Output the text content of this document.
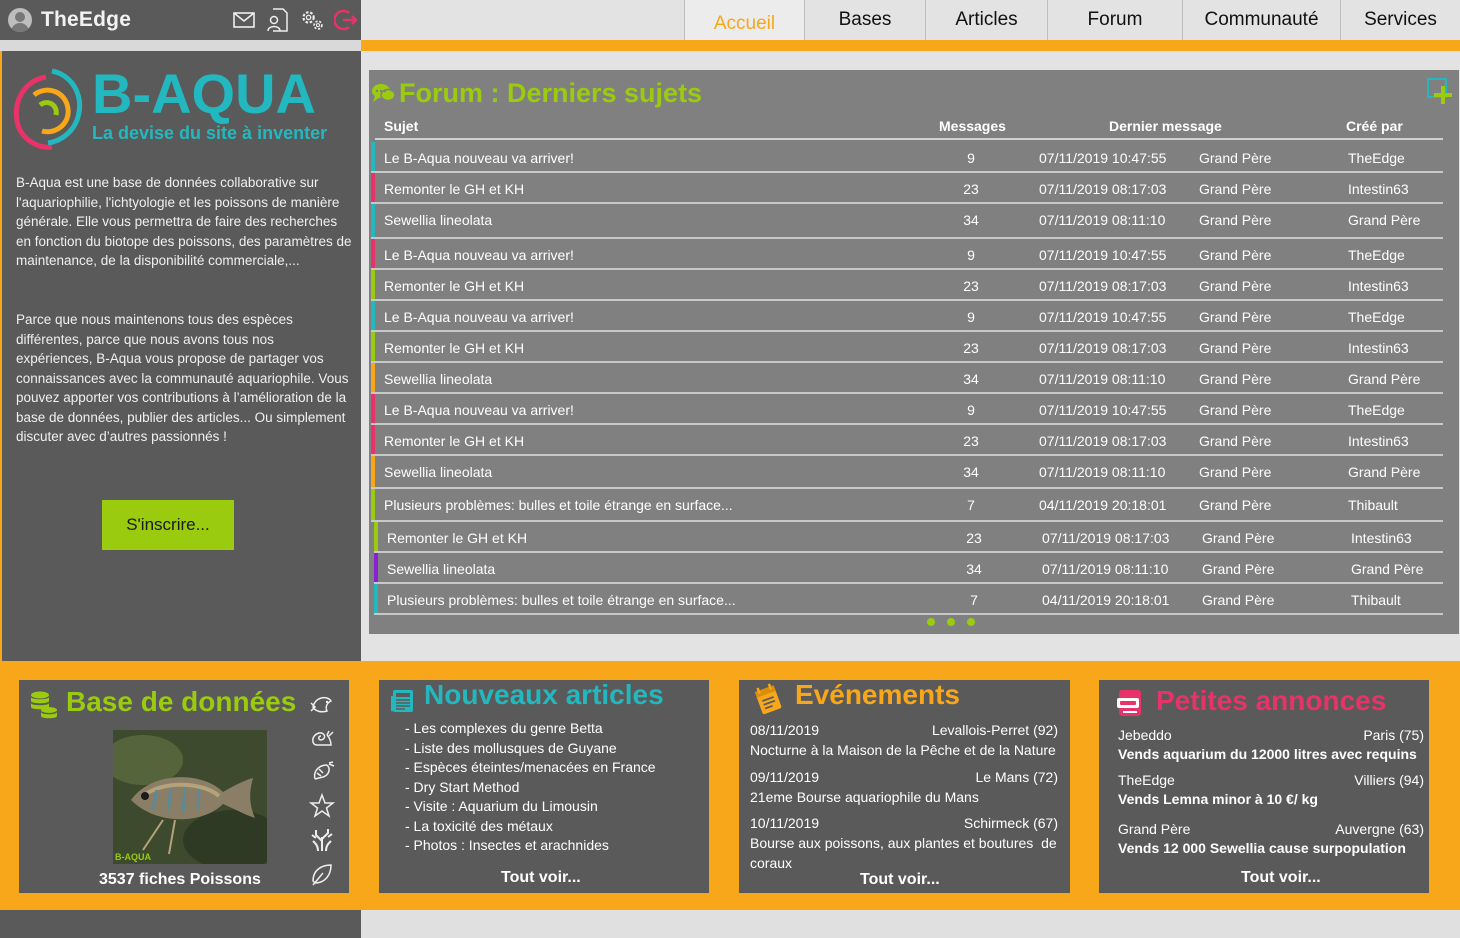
TheEdge	Accueil	Bases	Articles	Forum	Communauté	Services
B-AQUA
La devise du site à inventer

B-Aqua est une base de données collaborative sur l'aquariophilie, l'ichtyologie et les poissons de manière générale. Elle vous permettra de faire des recherches en fonction du biotope des poissons, des paramètres de maintenance, de la disponibilité commerciale,...

Parce que nous maintenons tous des espèces différentes, parce que nous avons tous nos expériences, B-Aqua vous propose de partager vos connaissances avec la communauté aquariophile. Vous pouvez apporter vos contributions à l’amélioration de la base de données, publier des articles... Ou simplement discuter avec d’autres passionnés !

S'inscrire...
Forum : Derniers sujets
Sujet	Messages	Dernier message	Créé par
Le B-Aqua nouveau va arriver!	9	07/11/2019 10:47:55 Grand Père	TheEdge
Remonter le GH et KH	23	07/11/2019 08:17:03 Grand Père	Intestin63
Sewellia lineolata	34	07/11/2019 08:11:10 Grand Père	Grand Père
Le B-Aqua nouveau va arriver!	9	07/11/2019 10:47:55 Grand Père	TheEdge
Remonter le GH et KH	23	07/11/2019 08:17:03 Grand Père	Intestin63
Le B-Aqua nouveau va arriver!	9	07/11/2019 10:47:55 Grand Père	TheEdge
Remonter le GH et KH	23	07/11/2019 08:17:03 Grand Père	Intestin63
Sewellia lineolata	34	07/11/2019 08:11:10 Grand Père	Grand Père
Le B-Aqua nouveau va arriver!	9	07/11/2019 10:47:55 Grand Père	TheEdge
Remonter le GH et KH	23	07/11/2019 08:17:03 Grand Père	Intestin63
Sewellia lineolata	34	07/11/2019 08:11:10 Grand Père	Grand Père
Plusieurs problèmes: bulles et toile étrange en surface...	7	04/11/2019 20:18:01 Grand Père	Thibault
Remonter le GH et KH	23	07/11/2019 08:17:03 Grand Père	Intestin63
Sewellia lineolata	34	07/11/2019 08:11:10 Grand Père	Grand Père
Plusieurs problèmes: bulles et toile étrange en surface...	7	04/11/2019 20:18:01 Grand Père	Thibault
Base de données
B-AQUA
3537 fiches Poissons
Nouveaux articles
- Les complexes du genre Betta
- Liste des mollusques de Guyane
- Espèces éteintes/menacées en France
- Dry Start Method
- Visite : Aquarium du Limousin
- La toxicité des métaux
- Photos : Insectes et arachnides
Tout voir...
Evénements
08/11/2019	Levallois-Perret (92)
Nocturne à la Maison de la Pêche et de la Nature
09/11/2019	Le Mans (72)
21eme Bourse aquariophile du Mans
10/11/2019	Schirmeck (67)
Bourse aux poissons, aux plantes et boutures  de coraux
Tout voir...
Petites annonces
Jebeddo	Paris (75)
Vends aquarium du 12000 litres avec requins
TheEdge	Villiers (94)
Vends Lemna minor à 10 €/ kg
Grand Père	Auvergne (63)
Vends 12 000 Sewellia cause surpopulation
Tout voir...
